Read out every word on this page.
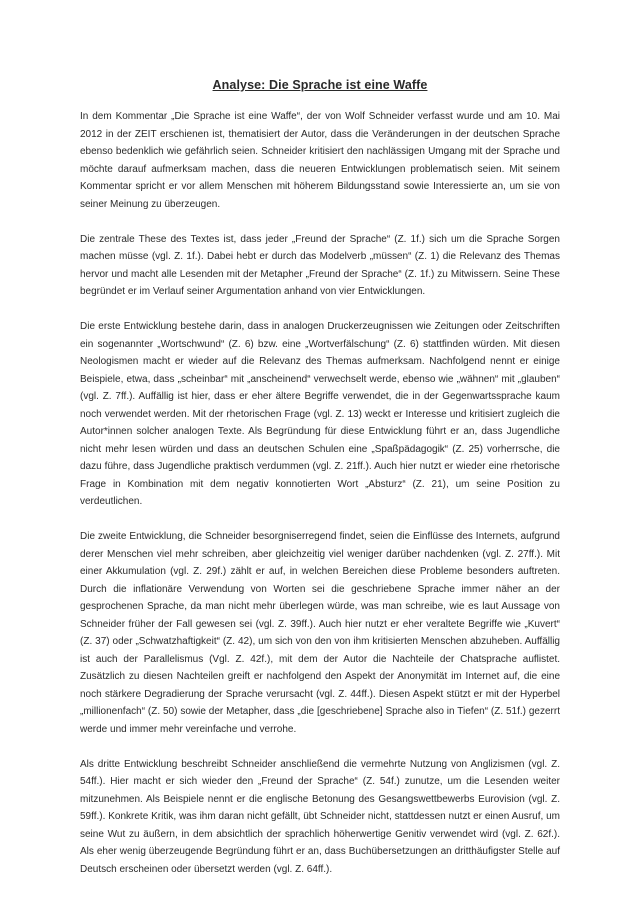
Analyse: Die Sprache ist eine Waffe

In dem Kommentar „Die Sprache ist eine Waffe“, der von Wolf Schneider verfasst wurde und am 10. Mai 2012 in der ZEIT erschienen ist, thematisiert der Autor, dass die Veränderungen in der deutschen Sprache ebenso bedenklich wie gefährlich seien. Schneider kritisiert den nachlässigen Umgang mit der Sprache und möchte darauf aufmerksam machen, dass die neueren Entwicklungen problematisch seien. Mit seinem Kommentar spricht er vor allem Menschen mit höherem Bildungsstand sowie Interessierte an, um sie von seiner Meinung zu überzeugen.

Die zentrale These des Textes ist, dass jeder „Freund der Sprache“ (Z. 1f.) sich um die Sprache Sorgen machen müsse (vgl. Z. 1f.). Dabei hebt er durch das Modelverb „müssen“ (Z. 1) die Relevanz des Themas hervor und macht alle Lesenden mit der Metapher „Freund der Sprache“ (Z. 1f.) zu Mitwissern. Seine These begründet er im Verlauf seiner Argumentation anhand von vier Entwicklungen.

Die erste Entwicklung bestehe darin, dass in analogen Druckerzeugnissen wie Zeitungen oder Zeitschriften ein sogenannter „Wortschwund“ (Z. 6) bzw. eine „Wortverfälschung“ (Z. 6) stattfinden würden. Mit diesen Neologismen macht er wieder auf die Relevanz des Themas aufmerksam. Nachfolgend nennt er einige Beispiele, etwa, dass „scheinbar“ mit „anscheinend“ verwechselt werde, ebenso wie „wähnen“ mit „glauben“ (vgl. Z. 7ff.). Auffällig ist hier, dass er eher ältere Begriffe verwendet, die in der Gegenwartssprache kaum noch verwendet werden. Mit der rhetorischen Frage (vgl. Z. 13) weckt er Interesse und kritisiert zugleich die Autor*innen solcher analogen Texte. Als Begründung für diese Entwicklung führt er an, dass Jugendliche nicht mehr lesen würden und dass an deutschen Schulen eine „Spaßpädagogik“ (Z. 25) vorherrsche, die dazu führe, dass Jugendliche praktisch verdummen (vgl. Z. 21ff.). Auch hier nutzt er wieder eine rhetorische Frage in Kombination mit dem negativ konnotierten Wort „Absturz“ (Z. 21), um seine Position zu verdeutlichen.

Die zweite Entwicklung, die Schneider besorgniserregend findet, seien die Einflüsse des Internets, aufgrund derer Menschen viel mehr schreiben, aber gleichzeitig viel weniger darüber nachdenken (vgl. Z. 27ff.). Mit einer Akkumulation (vgl. Z. 29f.) zählt er auf, in welchen Bereichen diese Probleme besonders auftreten. Durch die inflationäre Verwendung von Worten sei die geschriebene Sprache immer näher an der gesprochenen Sprache, da man nicht mehr überlegen würde, was man schreibe, wie es laut Aussage von Schneider früher der Fall gewesen sei (vgl. Z. 39ff.). Auch hier nutzt er eher veraltete Begriffe wie „Kuvert“ (Z. 37) oder „Schwatzhaftigkeit“ (Z. 42), um sich von den von ihm kritisierten Menschen abzuheben. Auffällig ist auch der Parallelismus (Vgl. Z. 42f.), mit dem der Autor die Nachteile der Chatsprache auflistet. Zusätzlich zu diesen Nachteilen greift er nachfolgend den Aspekt der Anonymität im Internet auf, die eine noch stärkere Degradierung der Sprache verursacht (vgl. Z. 44ff.). Diesen Aspekt stützt er mit der Hyperbel „millionenfach“ (Z. 50) sowie der Metapher, dass „die [geschriebene] Sprache also in Tiefen“ (Z. 51f.) gezerrt werde und immer mehr vereinfache und verrohe.

Als dritte Entwicklung beschreibt Schneider anschließend die vermehrte Nutzung von Anglizismen (vgl. Z. 54ff.). Hier macht er sich wieder den „Freund der Sprache“ (Z. 54f.) zunutze, um die Lesenden weiter mitzunehmen. Als Beispiele nennt er die englische Betonung des Gesangswettbewerbs Eurovision (vgl. Z. 59ff.). Konkrete Kritik, was ihm daran nicht gefällt, übt Schneider nicht, stattdessen nutzt er einen Ausruf, um seine Wut zu äußern, in dem absichtlich der sprachlich höherwertige Genitiv verwendet wird (vgl. Z. 62f.). Als eher wenig überzeugende Begründung führt er an, dass Buchübersetzungen an dritthäufigster Stelle auf Deutsch erscheinen oder übersetzt werden (vgl. Z. 64ff.).
